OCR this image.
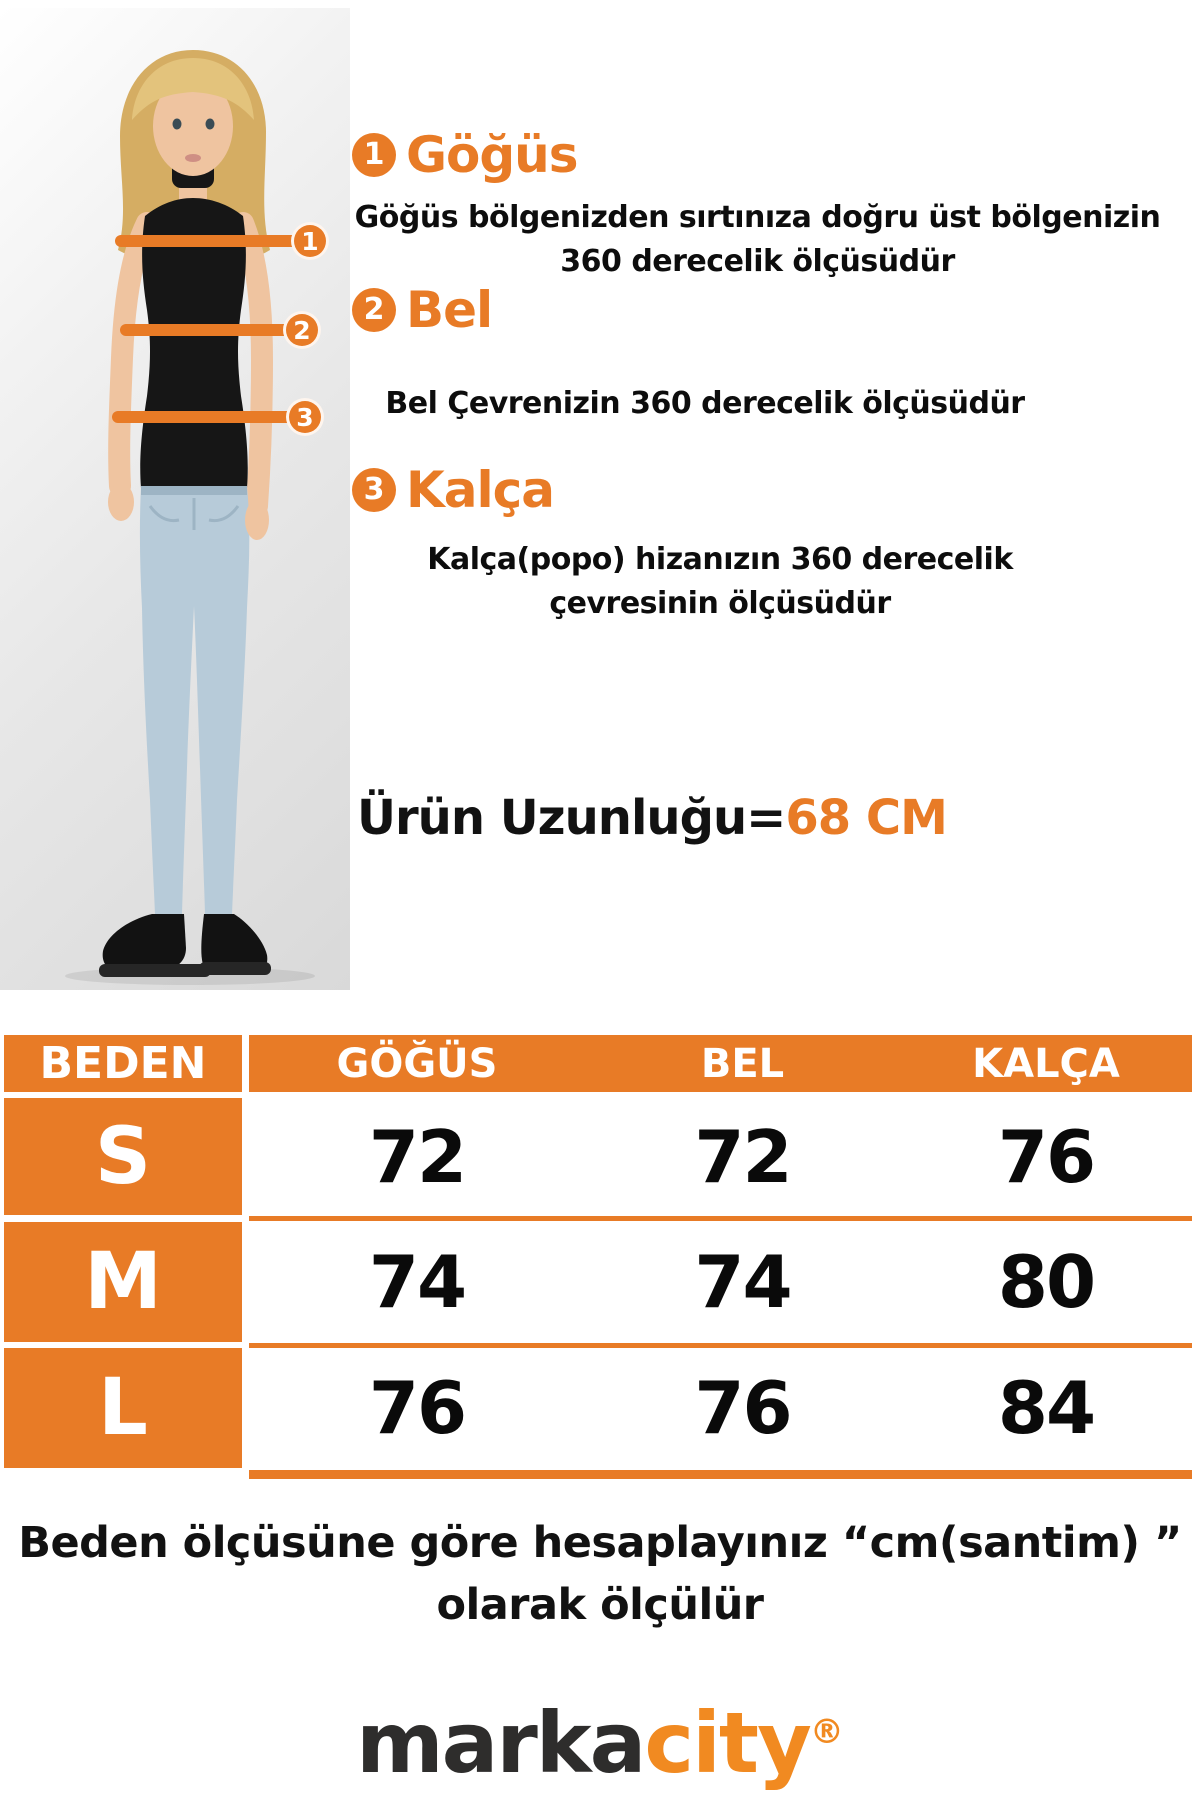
1
2
3
1 Göğüs
Göğüs bölgenizden sırtınıza doğru üst bölgenizin
360 derecelik ölçüsüdür
2 Bel
Bel Çevrenizin 360 derecelik ölçüsüdür
3 Kalça
Kalça(popo) hizanızın 360 derecelik
çevresinin ölçüsüdür
Ürün Uzunluğu=68 CM
BEDEN	GÖĞÜS	BEL	KALÇA
S	72	72	76
M	74	74	80
L	76	76	84
Beden ölçüsüne göre hesaplayınız “cm(santim) ”
olarak ölçülür
markacity®
